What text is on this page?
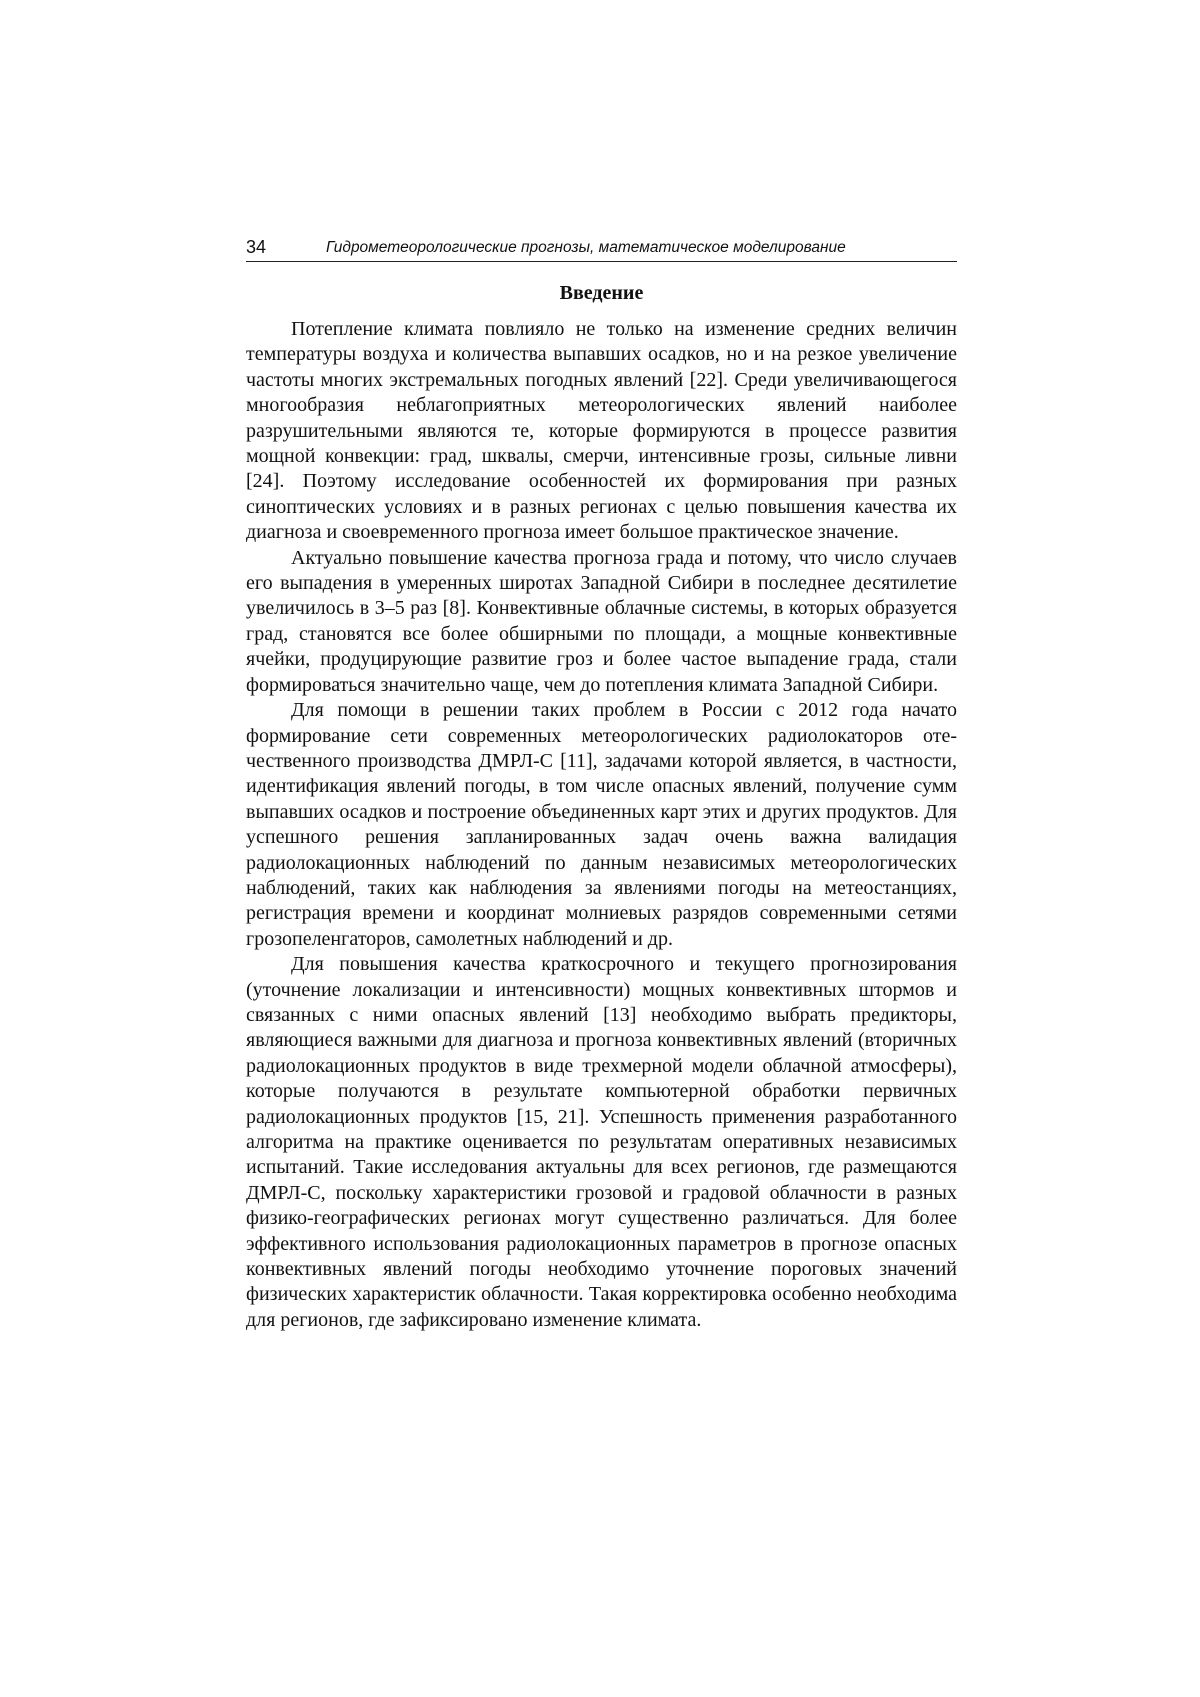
34	Гидрометеорологические прогнозы, математическое моделирование
Введение

Потепление климата повлияло не только на изменение средних величин температуры воздуха и количества выпавших осадков, но и на резкое увеличение частоты многих экстремальных погодных явлений [22]. Среди увеличивающегося многообразия неблагоприятных метеорологических явлений наиболее разрушительными являются те, которые формируются в процессе развития мощной конвекции: град, шквалы, смерчи, интенсивные грозы, сильные ливни [24]. Поэтому исследование особенностей их формирования при разных синоптических условиях и в разных регионах с целью повышения качества их диагноза и своевременного прогноза имеет большое практическое значение.

Актуально повышение качества прогноза града и потому, что число случаев его выпадения в умеренных широтах Западной Сибири в последнее десятилетие увеличилось в 3–5 раз [8]. Конвективные облачные системы, в которых образуется град, становятся все более обширными по площади, а мощные конвективные ячейки, продуцирующие развитие гроз и более частое выпадение града, стали формироваться значительно чаще, чем до потепления климата Западной Сибири.

Для помощи в решении таких проблем в России с 2012 года начато формирование сети современных метеорологических радиолокаторов отечественного производства ДМРЛ-С [11], задачами которой является, в частности, идентификация явлений погоды, в том числе опасных явлений, получение сумм выпавших осадков и построение объединенных карт этих и других продуктов. Для успешного решения запланированных задач очень важна валидация радиолокационных наблюдений по данным независимых метеорологических наблюдений, таких как наблюдения за явлениями погоды на метеостанциях, регистрация времени и координат молниевых разрядов современными сетями грозопеленгаторов, самолетных наблюдений и др.

Для повышения качества краткосрочного и текущего прогнозирования (уточнение локализации и интенсивности) мощных конвективных штормов и связанных с ними опасных явлений [13] необходимо выбрать предикторы, являющиеся важными для диагноза и прогноза конвективных явлений (вторичных радиолокационных продуктов в виде трехмерной модели облачной атмосферы), которые получаются в результате компьютерной обработки первичных радиолокационных продуктов [15, 21]. Успешность применения разработанного алгоритма на практике оценивается по результатам оперативных независимых испытаний. Такие исследования актуальны для всех регионов, где размещаются ДМРЛ-С, поскольку характеристики грозовой и градовой облачности в разных физико-географических регионах могут существенно различаться. Для более эффективного использования радиолокационных параметров в прогнозе опасных конвективных явлений погоды необходимо уточнение пороговых значений физических характеристик облачности. Такая корректировка особенно необходима для регионов, где зафиксировано изменение климата.
